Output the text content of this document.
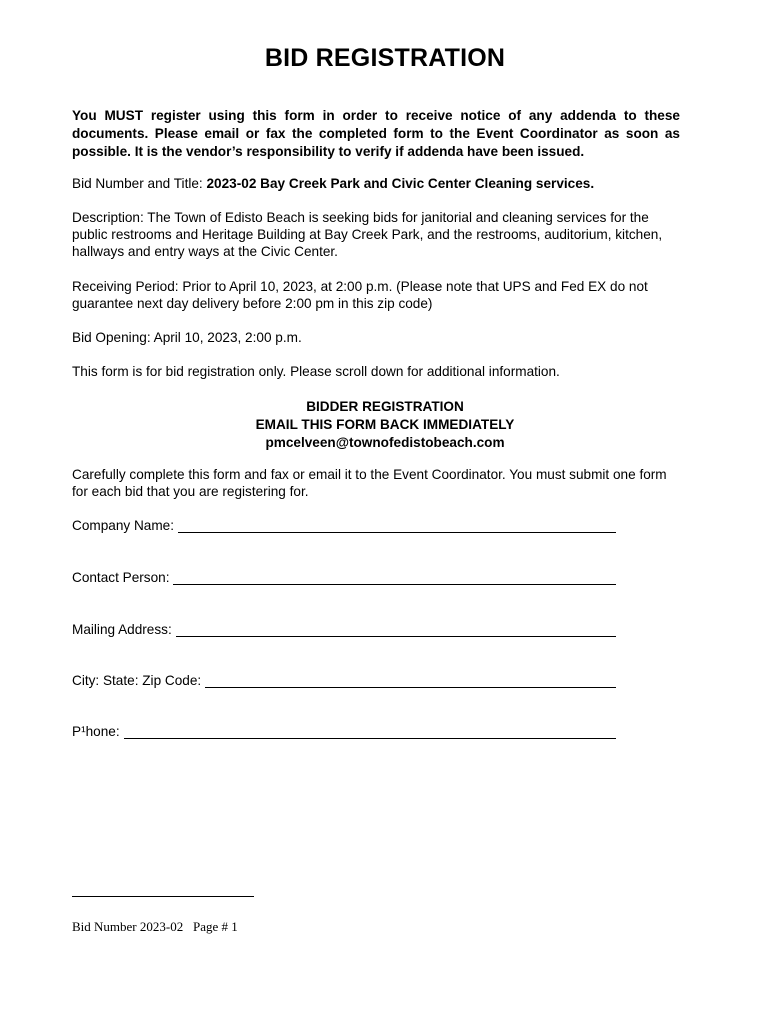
BID REGISTRATION
You MUST register using this form in order to receive notice of any addenda to these documents. Please email or fax the completed form to the Event Coordinator as soon as possible. It is the vendor’s responsibility to verify if addenda have been issued.
Bid Number and Title: 2023-02 Bay Creek Park and Civic Center Cleaning services.
Description: The Town of Edisto Beach is seeking bids for janitorial and cleaning services for the public restrooms and Heritage Building at Bay Creek Park, and the restrooms, auditorium, kitchen, hallways and entry ways at the Civic Center.
Receiving Period: Prior to April 10, 2023, at 2:00 p.m. (Please note that UPS and Fed EX do not guarantee next day delivery before 2:00 pm in this zip code)
Bid Opening: April 10, 2023, 2:00 p.m.
This form is for bid registration only. Please scroll down for additional information.
BIDDER REGISTRATION
EMAIL THIS FORM BACK IMMEDIATELY
pmcelveen@townofedistobeach.com
Carefully complete this form and fax or email it to the Event Coordinator. You must submit one form for each bid that you are registering for.
Company Name:
Contact Person:
Mailing Address:
City: State: Zip Code:
P¹hone:
Bid Number 2023-02   Page # 1
